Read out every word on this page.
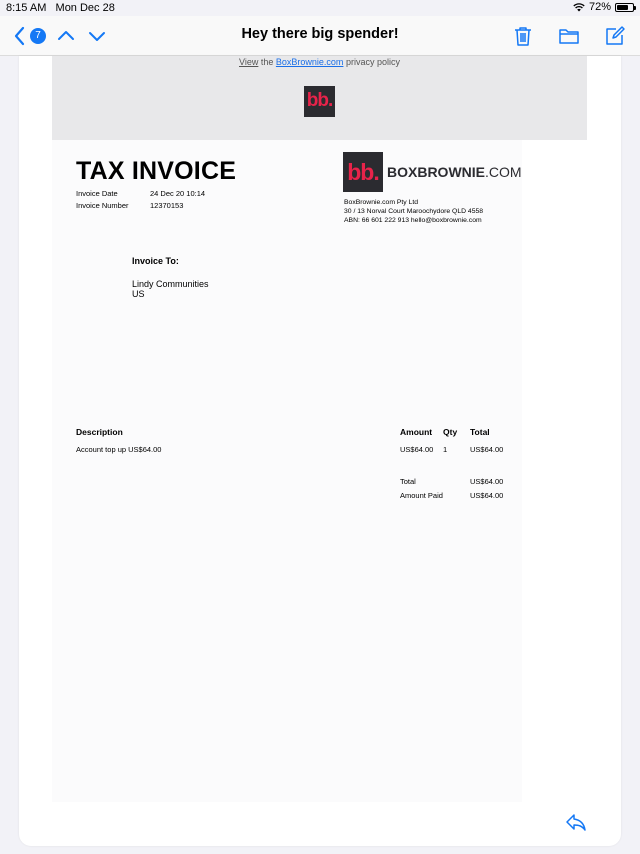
8:15 AM Mon Dec 28	72%
7	Hey there big spender!
View the BoxBrownie.com privacy policy
bb.
TAX INVOICE
Invoice Date	24 Dec 20 10:14
Invoice Number	12370153
bb. BOXBROWNIE.COM
BoxBrownie.com Pty Ltd
30 / 13 Norval Court Maroochydore QLD 4558
ABN: 66 601 222 913 hello@boxbrownie.com
Invoice To:
Lindy Communities
US
Description	Amount Qty Total
Account top up US$64.00	US$64.00 1	US$64.00
Total	US$64.00
Amount Paid	US$64.00
